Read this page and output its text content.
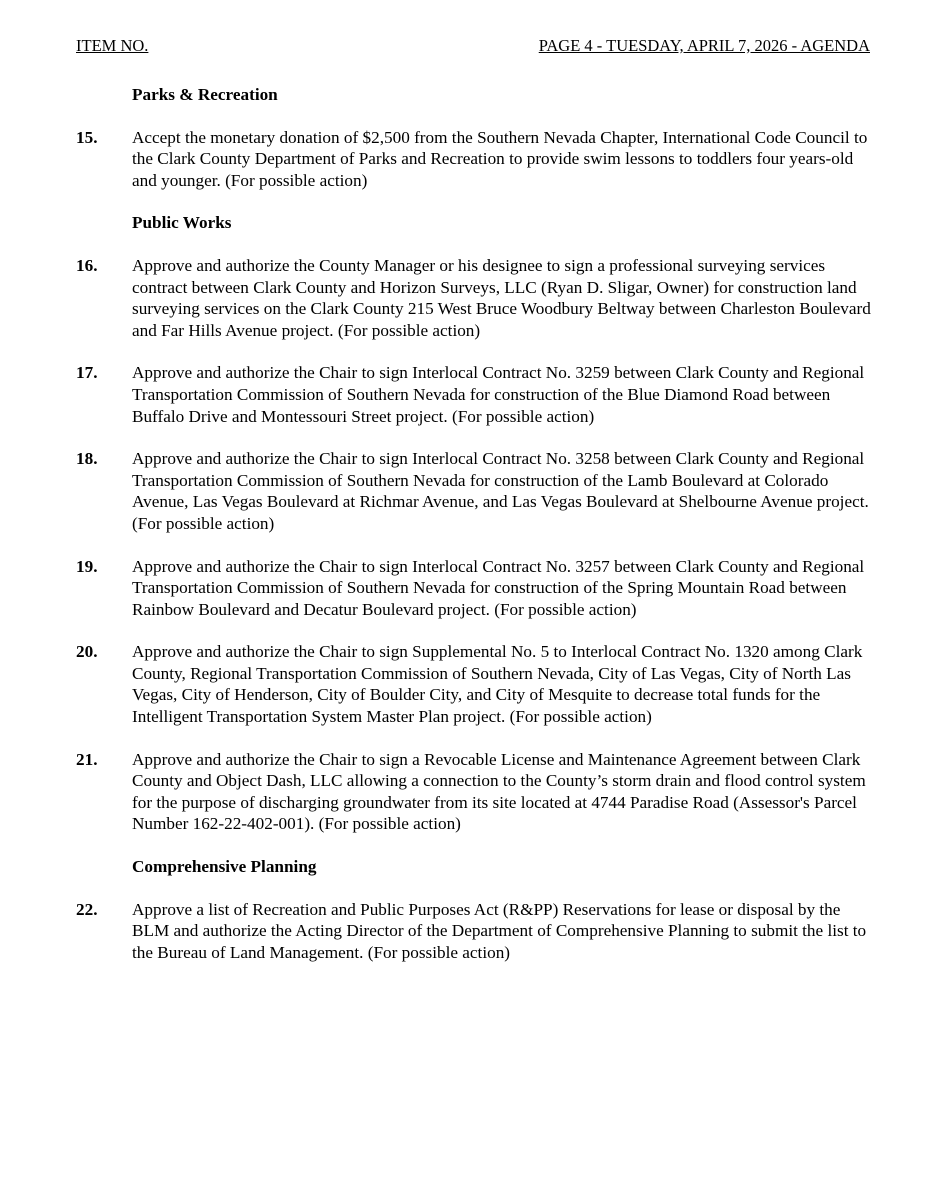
ITEM NO.	PAGE 4 - TUESDAY, APRIL 7, 2026 - AGENDA
Parks & Recreation
15.	Accept the monetary donation of $2,500 from the Southern Nevada Chapter, International Code Council to the Clark County Department of Parks and Recreation to provide swim lessons to toddlers four years-old and younger. (For possible action)
Public Works
16.	Approve and authorize the County Manager or his designee to sign a professional surveying services contract between Clark County and Horizon Surveys, LLC (Ryan D. Sligar, Owner) for construction land surveying services on the Clark County 215 West Bruce Woodbury Beltway between Charleston Boulevard and Far Hills Avenue project. (For possible action)
17.	Approve and authorize the Chair to sign Interlocal Contract No. 3259 between Clark County and Regional Transportation Commission of Southern Nevada for construction of the Blue Diamond Road between Buffalo Drive and Montessouri Street project. (For possible action)
18.	Approve and authorize the Chair to sign Interlocal Contract No. 3258 between Clark County and Regional Transportation Commission of Southern Nevada for construction of the Lamb Boulevard at Colorado Avenue, Las Vegas Boulevard at Richmar Avenue, and Las Vegas Boulevard at Shelbourne Avenue project. (For possible action)
19.	Approve and authorize the Chair to sign Interlocal Contract No. 3257 between Clark County and Regional Transportation Commission of Southern Nevada for construction of the Spring Mountain Road between Rainbow Boulevard and Decatur Boulevard project. (For possible action)
20.	Approve and authorize the Chair to sign Supplemental No. 5 to Interlocal Contract No. 1320 among Clark County, Regional Transportation Commission of Southern Nevada, City of Las Vegas, City of North Las Vegas, City of Henderson, City of Boulder City, and City of Mesquite to decrease total funds for the Intelligent Transportation System Master Plan project. (For possible action)
21.	Approve and authorize the Chair to sign a Revocable License and Maintenance Agreement between Clark County and Object Dash, LLC allowing a connection to the County’s storm drain and flood control system for the purpose of discharging groundwater from its site located at 4744 Paradise Road (Assessor's Parcel Number 162-22-402-001). (For possible action)
Comprehensive Planning
22.	Approve a list of Recreation and Public Purposes Act (R&PP) Reservations for lease or disposal by the BLM and authorize the Acting Director of the Department of Comprehensive Planning to submit the list to the Bureau of Land Management. (For possible action)
